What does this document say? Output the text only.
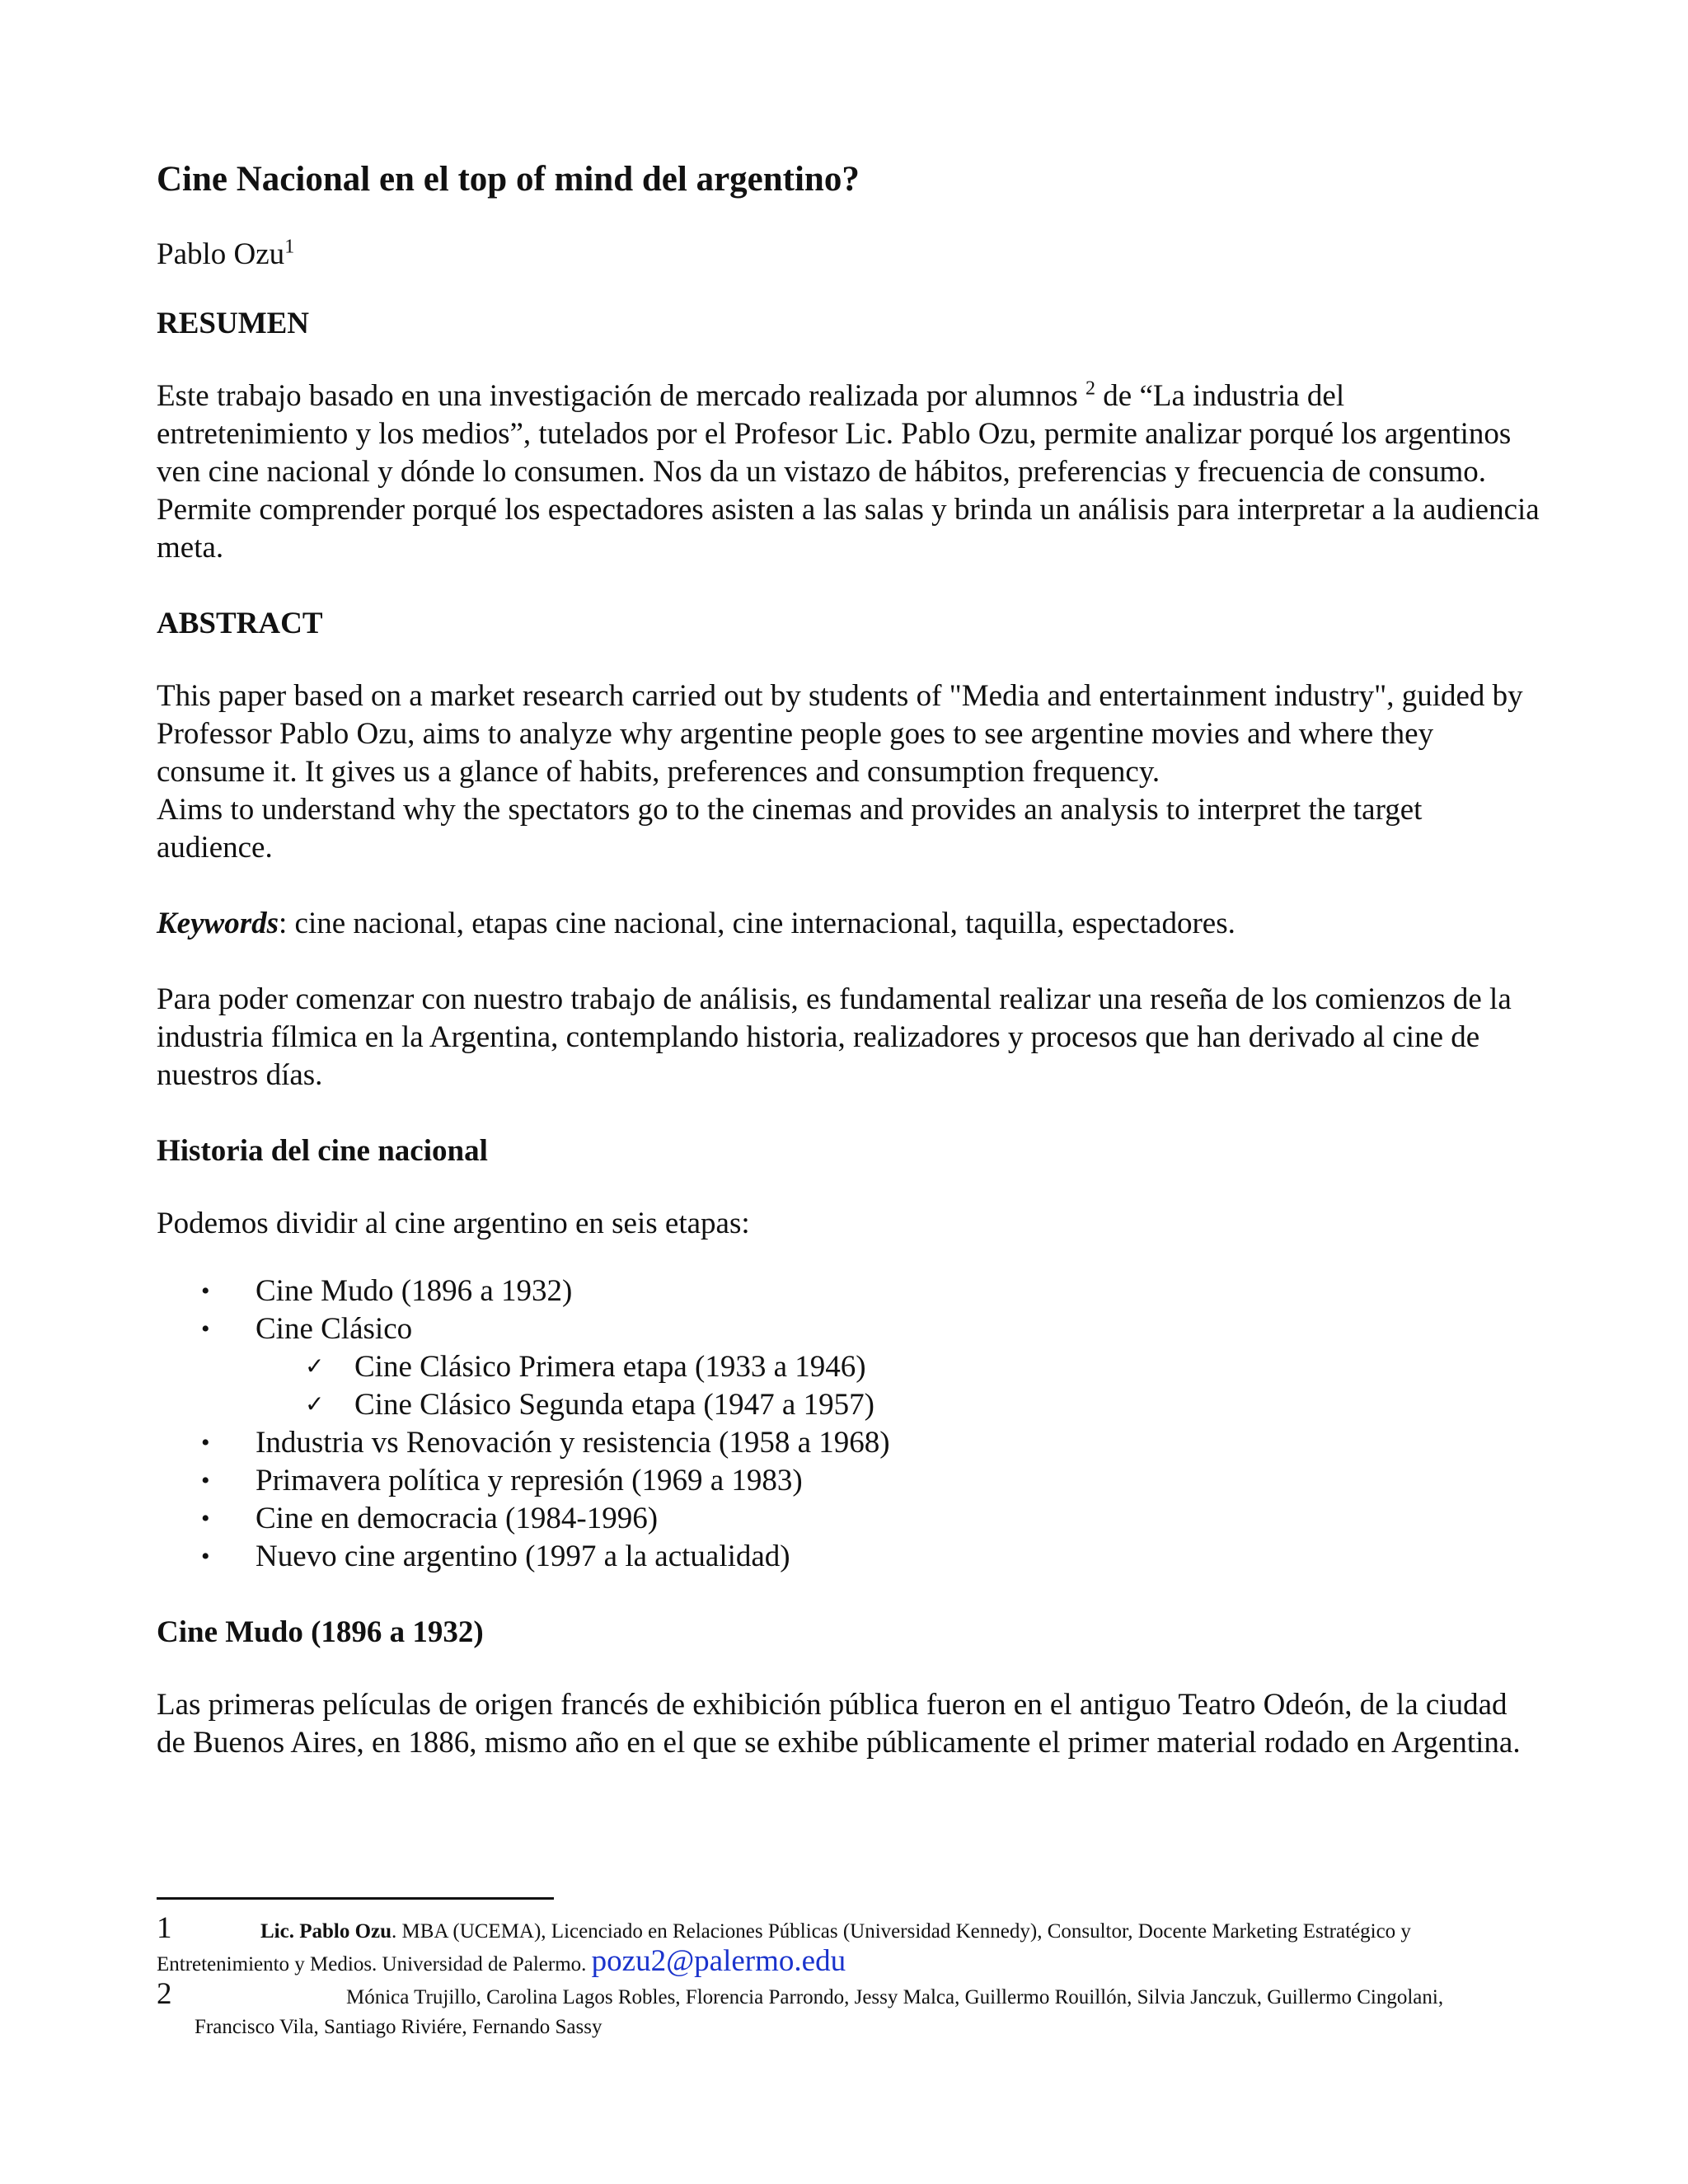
Cine Nacional en el top of mind del argentino?

Pablo Ozu$^1$

RESUMEN

Este trabajo basado en una investigación de mercado realizada por alumnos $^2$ de “La industria del entretenimiento y los medios”, tutelados por el Profesor Lic. Pablo Ozu, permite analizar porqué los argentinos ven cine nacional y dónde lo consumen. Nos da un vistazo de hábitos, preferencias y frecuencia de consumo.

Permite comprender porqué los espectadores asisten a las salas y brinda un análisis para interpretar a la audiencia meta.

ABSTRACT

This paper based on a market research carried out by students of "Media and entertainment industry", guided by Professor Pablo Ozu, aims to analyze why argentine people goes to see argentine movies and where they consume it. It gives us a glance of habits, preferences and consumption frequency.

Aims to understand why the spectators go to the cinemas and provides an analysis to interpret the target audience.

Keywords: cine nacional, etapas cine nacional, cine internacional, taquilla, espectadores.

Para poder comenzar con nuestro trabajo de análisis, es fundamental realizar una reseña de los comienzos de la industria fílmica en la Argentina, contemplando historia, realizadores y procesos que han derivado al cine de nuestros días.

Historia del cine nacional

Podemos dividir al cine argentino en seis etapas:

• Cine Mudo (1896 a 1932)
• Cine Clásico
✓ Cine Clásico Primera etapa (1933 a 1946)
✓ Cine Clásico Segunda etapa (1947 a 1957)
• Industria vs Renovación y resistencia (1958 a 1968)
• Primavera política y represión (1969 a 1983)
• Cine en democracia (1984-1996)
• Nuevo cine argentino (1997 a la actualidad)

Cine Mudo (1896 a 1932)

Las primeras películas de origen francés de exhibición pública fueron en el antiguo Teatro Odeón, de la ciudad de Buenos Aires, en 1886, mismo año en el que se exhibe públicamente el primer material rodado en Argentina.

1	Lic. Pablo Ozu. MBA (UCEMA), Licenciado en Relaciones Públicas (Universidad Kennedy), Consultor, Docente Marketing Estratégico y

Entretenimiento y Medios. Universidad de Palermo. pozu2@palermo.edu

2	Mónica Trujillo, Carolina Lagos Robles, Florencia Parrondo, Jessy Malca, Guillermo Rouillón, Silvia Janczuk, Guillermo Cingolani,

Francisco Vila, Santiago Riviére, Fernando Sassy
